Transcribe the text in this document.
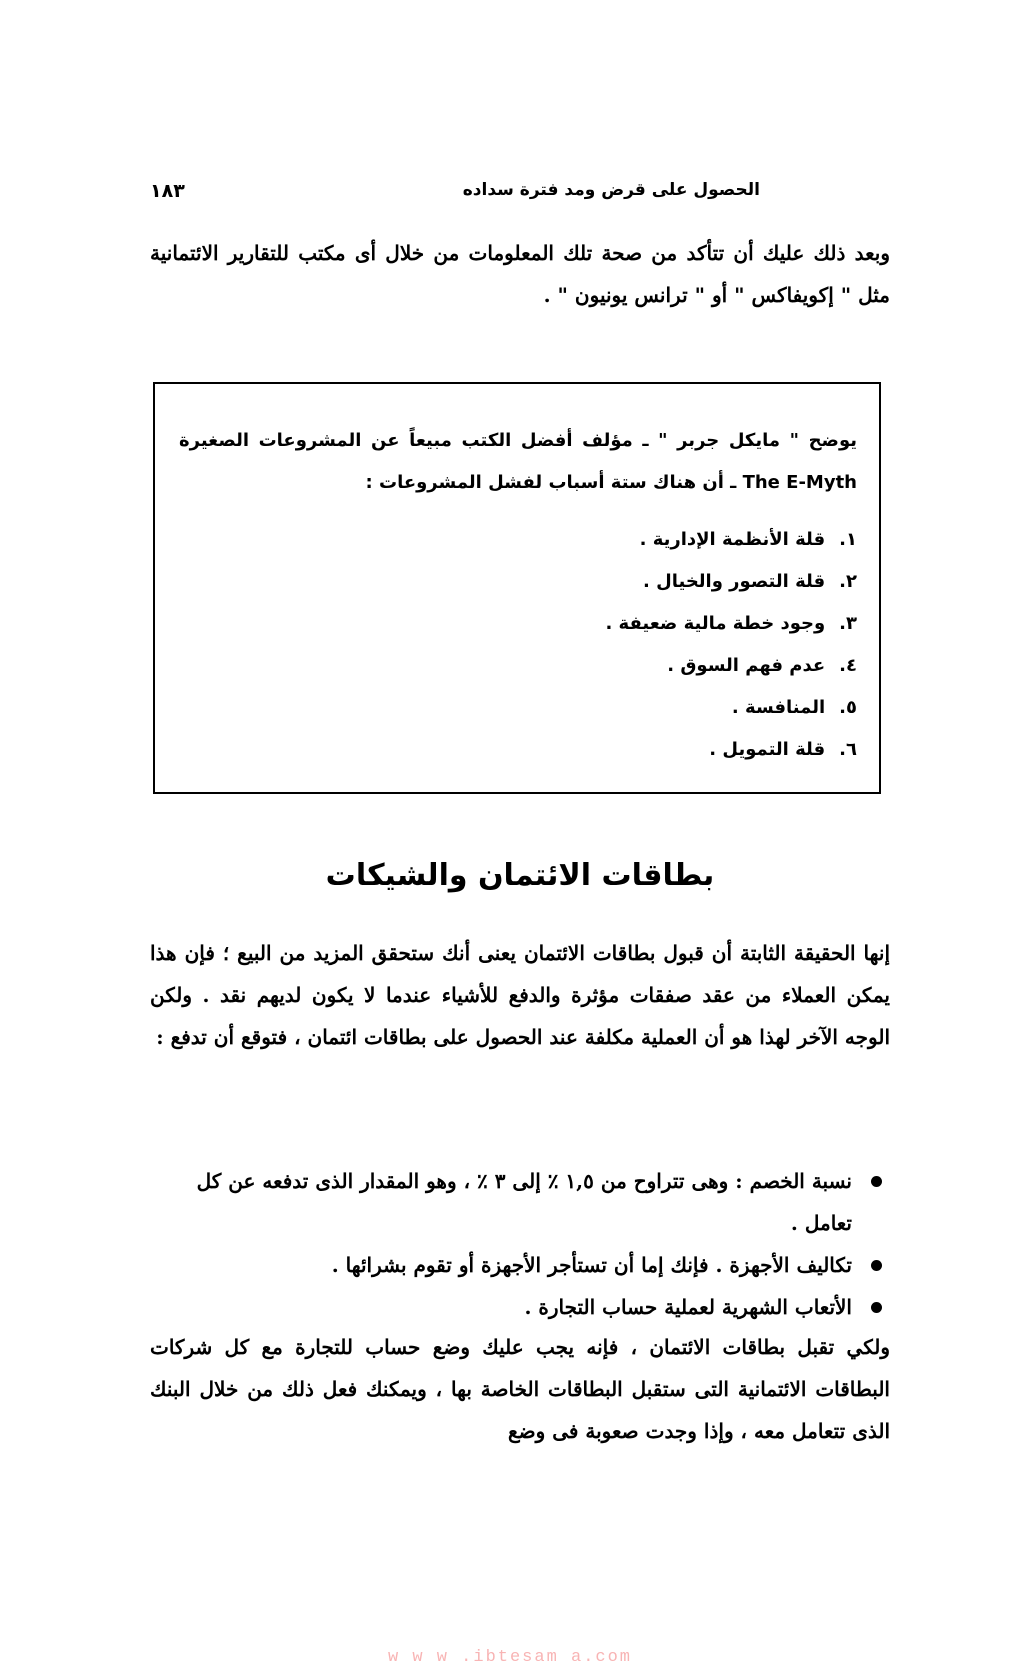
الحصول على قرض ومد فترة سداده
١٨٣

وبعد ذلك عليك أن تتأكد من صحة تلك المعلومات من خلال أى مكتب للتقارير الائتمانية مثل " إكويفاكس " أو " ترانس يونيون " .

يوضح " مايكل جربر " ـ مؤلف أفضل الكتب مبيعاً عن المشروعات الصغيرة The E-Myth ـ أن هناك ستة أسباب لفشل المشروعات :
١.
قلة الأنظمة الإدارية .
٢.
قلة التصور والخيال .
٣.
وجود خطة مالية ضعيفة .
٤.
عدم فهم السوق .
٥.
المنافسة .
٦.
قلة التمويل .
بطاقات الائتمان والشيكات

إنها الحقيقة الثابتة أن قبول بطاقات الائتمان يعنى أنك ستحقق المزيد من البيع ؛ فإن هذا يمكن العملاء من عقد صفقات مؤثرة والدفع للأشياء عندما لا يكون لديهم نقد . ولكن الوجه الآخر لهذا هو أن العملية مكلفة عند الحصول على بطاقات ائتمان ، فتوقع أن تدفع :

نسبة الخصم : وهى تتراوح من ١,٥ ٪ إلى ٣ ٪ ، وهو المقدار الذى تدفعه عن كل تعامل .
تكاليف الأجهزة . فإنك إما أن تستأجر الأجهزة أو تقوم بشرائها .
الأتعاب الشهرية لعملية حساب التجارة .

ولكي تقبل بطاقات الائتمان ، فإنه يجب عليك وضع حساب للتجارة مع كل شركات البطاقات الائتمانية التى ستقبل البطاقات الخاصة بها ، ويمكنك فعل ذلك من خلال البنك الذى تتعامل معه ، وإذا وجدت صعوبة فى وضع

w w w .ibtesam a.com
